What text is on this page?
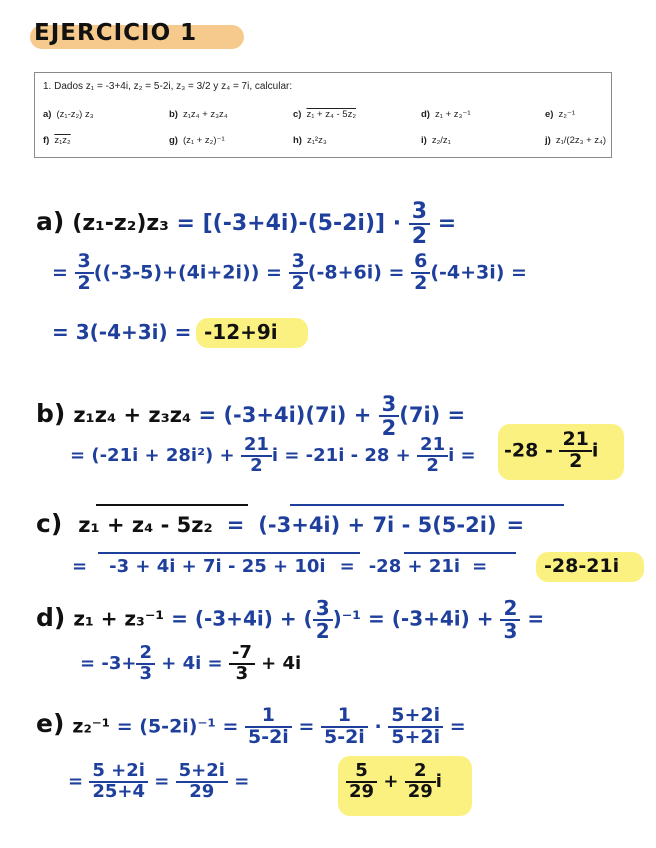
EJERCICIO 1
1. Dados z₁ = -3+4i, z₂ = 5-2i, z₃ = 3/2 y z₄ = 7i, calcular:
a) (z₁-z₂) z₃	b) z₁z₄ + z₃z₄	c) z₁ + z₄ - 5z₂	d) z₁ + z₃⁻¹	e) z₂⁻¹
f) z₁z₂	g) (z₁ + z₂)⁻¹	h) z₁²z₃	i) z₂/z₁	j) z₁/(2z₃ + z₄)
a) $(z_1-z_2)z_3 = [(-3+4i)-(5-2i)] \cdot \frac{3}{2}$ =
= $\frac{3}{2} ((-3-5)+(4i+2i)) = \frac{3}{2} (-8+6i) = \frac{6}{2} (-4+3i)$ =
= 3(-4+3i) = -12+9i
b) $z_1z_4 + z_3z_4 = (-3+4i)(7i) + \frac{3}{2} (7i)$ =
= $(-21i + 28i^2) + \frac{21}{2}$ $i = -21i - 28 + \frac{21}{2}$ $i = -28 - \frac{21}{2}$ i
c) z₁ + z₄ - 5z₂ = (-3+4i) + 7i - 5(5-2i) =
= -3 + 4i + 7i - 25 + 10i = -28 + 21i =	-28-21i
d) z₁ + z₃⁻¹ = (-3+4i) + ( $\frac{3}{2} )^{-1} = (-3+4i) + \frac{2}{3}$ =
= $-3+ \frac{2}{3} + 4i = \frac{-7}{3} + 4i$
e) $z_2^{-1} = (5-2i)^{-1} = \frac{1}{5-2i} = \frac{1}{5-2i} \cdot \frac{5+2i}{5+2i}$ =
= $\frac{5 +2i}{25+4} = \frac{5+2i}{29}$ =	$\frac{5}{29} + \frac{2}{29}$ i
